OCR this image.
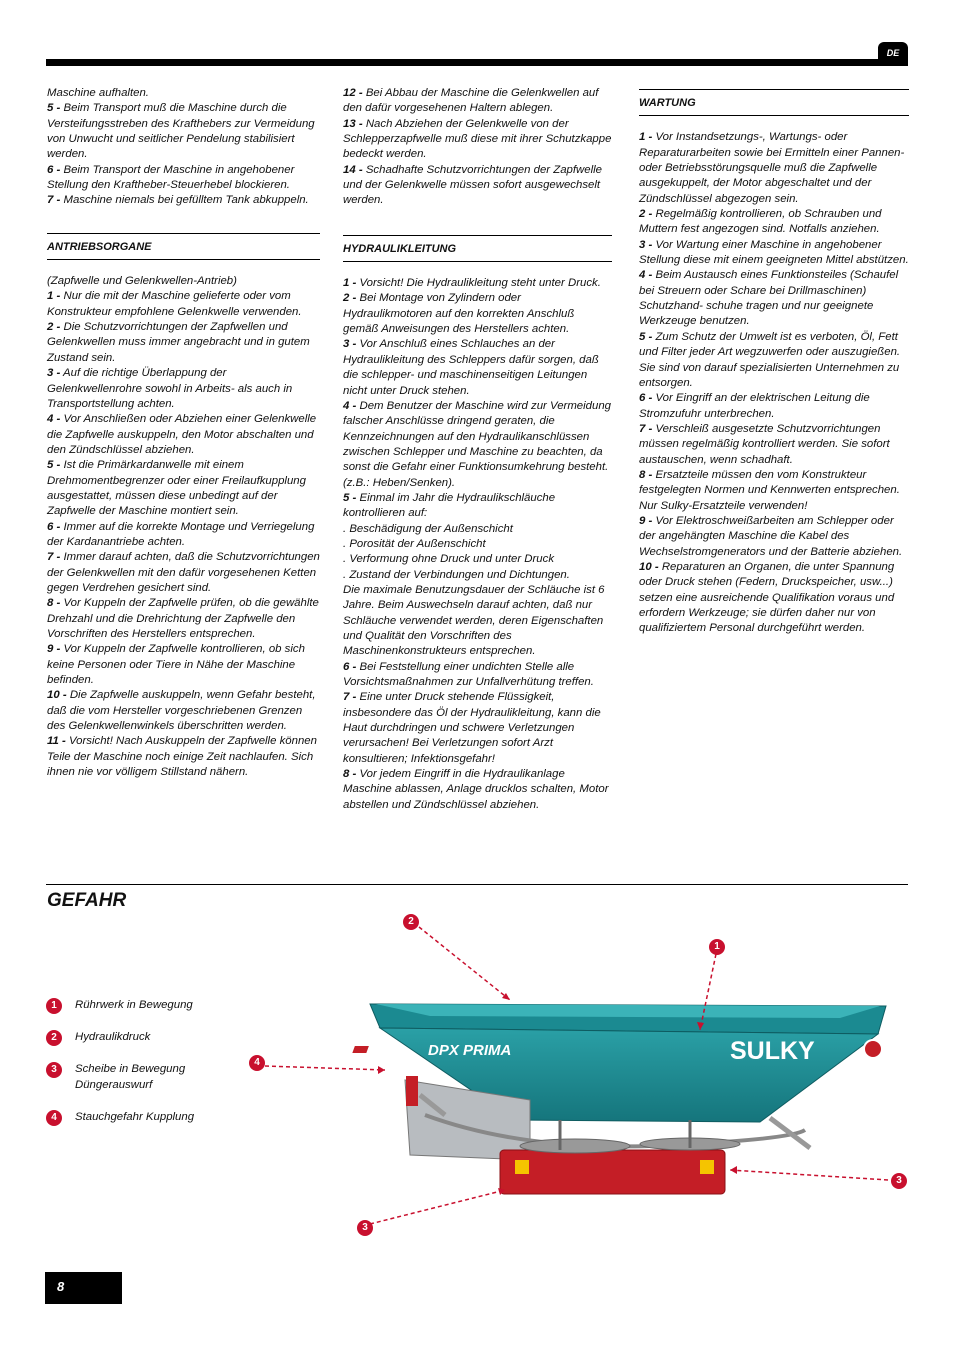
DE

Maschine aufhalten.

5 - Beim Transport muß die Maschine durch die Versteifungsstreben des Krafthebers zur Vermeidung von Unwucht und seitlicher Pendelung stabilisiert werden.

6 - Beim Transport der Maschine in angehobener Stellung den Kraftheber-Steuerhebel blockieren.

7 - Maschine niemals bei gefülltem Tank abkuppeln.

ANTRIEBSORGANE

(Zapfwelle und Gelenkwellen-Antrieb)

1 - Nur die mit der Maschine gelieferte oder vom Konstrukteur empfohlene Gelenkwelle verwenden.

2 - Die Schutzvorrichtungen der Zapfwellen und Gelenkwellen muss immer angebracht und in gutem Zustand sein.

3 - Auf die richtige Überlappung der Gelenkwellenrohre sowohl in Arbeits- als auch in Transportstellung achten.

4 - Vor Anschließen oder Abziehen einer Gelenkwelle die Zapfwelle auskuppeln, den Motor abschalten und den Zündschlüssel abziehen.

5 - Ist die Primärkardanwelle mit einem Drehmomentbegrenzer oder einer Freilaufkupplung ausgestattet, müssen diese unbedingt auf der Zapfwelle der Maschine montiert sein.

6 - Immer auf die korrekte Montage und Verriegelung der Kardanantriebe achten.

7 - Immer darauf achten, daß die Schutzvorrichtungen der Gelenkwellen mit den dafür vorgesehenen Ketten gegen Verdrehen gesichert sind.

8 - Vor Kuppeln der Zapfwelle prüfen, ob die gewählte Drehzahl und die Drehrichtung der Zapfwelle den Vorschriften des Herstellers entsprechen.

9 - Vor Kuppeln der Zapfwelle kontrollieren, ob sich keine Personen oder Tiere in Nähe der Maschine befinden.

10 - Die Zapfwelle auskuppeln, wenn Gefahr besteht, daß die vom Hersteller vorgeschriebenen Grenzen des Gelenkwellenwinkels überschritten werden.

11 - Vorsicht! Nach Auskuppeln der Zapfwelle können Teile der Maschine noch einige Zeit nachlaufen. Sich ihnen nie vor völligem Stillstand nähern.

12 - Bei Abbau der Maschine die Gelenkwellen auf den dafür vorgesehenen Haltern ablegen.

13 - Nach Abziehen der Gelenkwelle von der Schlepperzapfwelle muß diese mit ihrer Schutzkappe bedeckt werden.

14 - Schadhafte Schutzvorrichtungen der Zapfwelle und der Gelenkwelle müssen sofort ausgewechselt werden.

HYDRAULIKLEITUNG

1 - Vorsicht! Die Hydraulikleitung steht unter Druck.

2 - Bei Montage von Zylindern oder Hydraulikmotoren auf den korrekten Anschluß gemäß Anweisungen des Herstellers achten.

3 - Vor Anschluß eines Schlauches an der Hydraulikleitung des Schleppers dafür sorgen, daß die schlepper- und maschinenseitigen Leitungen nicht unter Druck stehen.

4 - Dem Benutzer der Maschine wird zur Vermeidung falscher Anschlüsse dringend geraten, die Kennzeichnungen auf den Hydraulikanschlüssen zwischen Schlepper und Maschine zu beachten, da sonst die Gefahr einer Funktionsumkehrung besteht. (z.B.: Heben/Senken).

5 - Einmal im Jahr die Hydraulikschläuche kontrollieren auf:

. Beschädigung der Außenschicht

. Porosität der Außenschicht

. Verformung ohne Druck und unter Druck

. Zustand der Verbindungen und Dichtungen.

Die maximale Benutzungsdauer der Schläuche ist 6 Jahre. Beim Auswechseln darauf achten, daß nur Schläuche verwendet werden, deren Eigenschaften und Qualität den Vorschriften des Maschinenkonstrukteurs entsprechen.

6 - Bei Feststellung einer undichten Stelle alle Vorsichtsmaßnahmen zur Unfallverhütung treffen.

7 - Eine unter Druck stehende Flüssigkeit, insbesondere das Öl der Hydraulikleitung, kann die Haut durchdringen und schwere Verletzungen verursachen! Bei Verletzungen sofort Arzt konsultieren; Infektionsgefahr!

8 - Vor jedem Eingriff in die Hydraulikanlage Maschine ablassen, Anlage drucklos schalten, Motor abstellen und Zündschlüssel abziehen.

WARTUNG

1 - Vor Instandsetzungs-, Wartungs- oder Reparaturarbeiten sowie bei Ermitteln einer Pannen- oder Betriebsstörungsquelle muß die Zapfwelle ausgekuppelt, der Motor abgeschaltet und der Zündschlüssel abgezogen sein.

2 - Regelmäßig kontrollieren, ob Schrauben und Muttern fest angezogen sind. Notfalls anziehen.

3 - Vor Wartung einer Maschine in angehobener Stellung diese mit einem geeigneten Mittel abstützen.

4 - Beim Austausch eines Funktionsteiles (Schaufel bei Streuern oder Schare bei Drillmaschinen) Schutzhand- schuhe tragen und nur geeignete Werkzeuge benutzen.

5 - Zum Schutz der Umwelt ist es verboten, Öl, Fett und Filter jeder Art wegzuwerfen oder auszugießen. Sie sind von darauf spezialisierten Unternehmen zu entsorgen.

6 - Vor Eingriff an der elektrischen Leitung die Stromzufuhr unterbrechen.

7 - Verschleiß ausgesetzte Schutzvorrichtungen müssen regelmäßig kontrolliert werden. Sie sofort austauschen, wenn schadhaft.

8 - Ersatzteile müssen den vom Konstrukteur festgelegten Normen und Kennwerten entsprechen. Nur Sulky-Ersatzteile verwenden!

9 - Vor Elektroschweißarbeiten am Schlepper oder der angehängten Maschine die Kabel des Wechselstromgenerators und der Batterie abziehen.

10 - Reparaturen an Organen, die unter Spannung oder Druck stehen (Federn, Druckspeicher, usw...) setzen eine ausreichende Qualifikation voraus und erfordern Werkzeuge; sie dürfen daher nur von qualifiziertem Personal durchgeführt werden.

GEFAHR
1	Rührwerk in Bewegung
2	Hydraulikdruck
3	Scheibe in Bewegung Düngerauswurf
4	Stauchgefahr Kupplung
DPX PRIMA	SULKY
2
1
4
3
3
8
